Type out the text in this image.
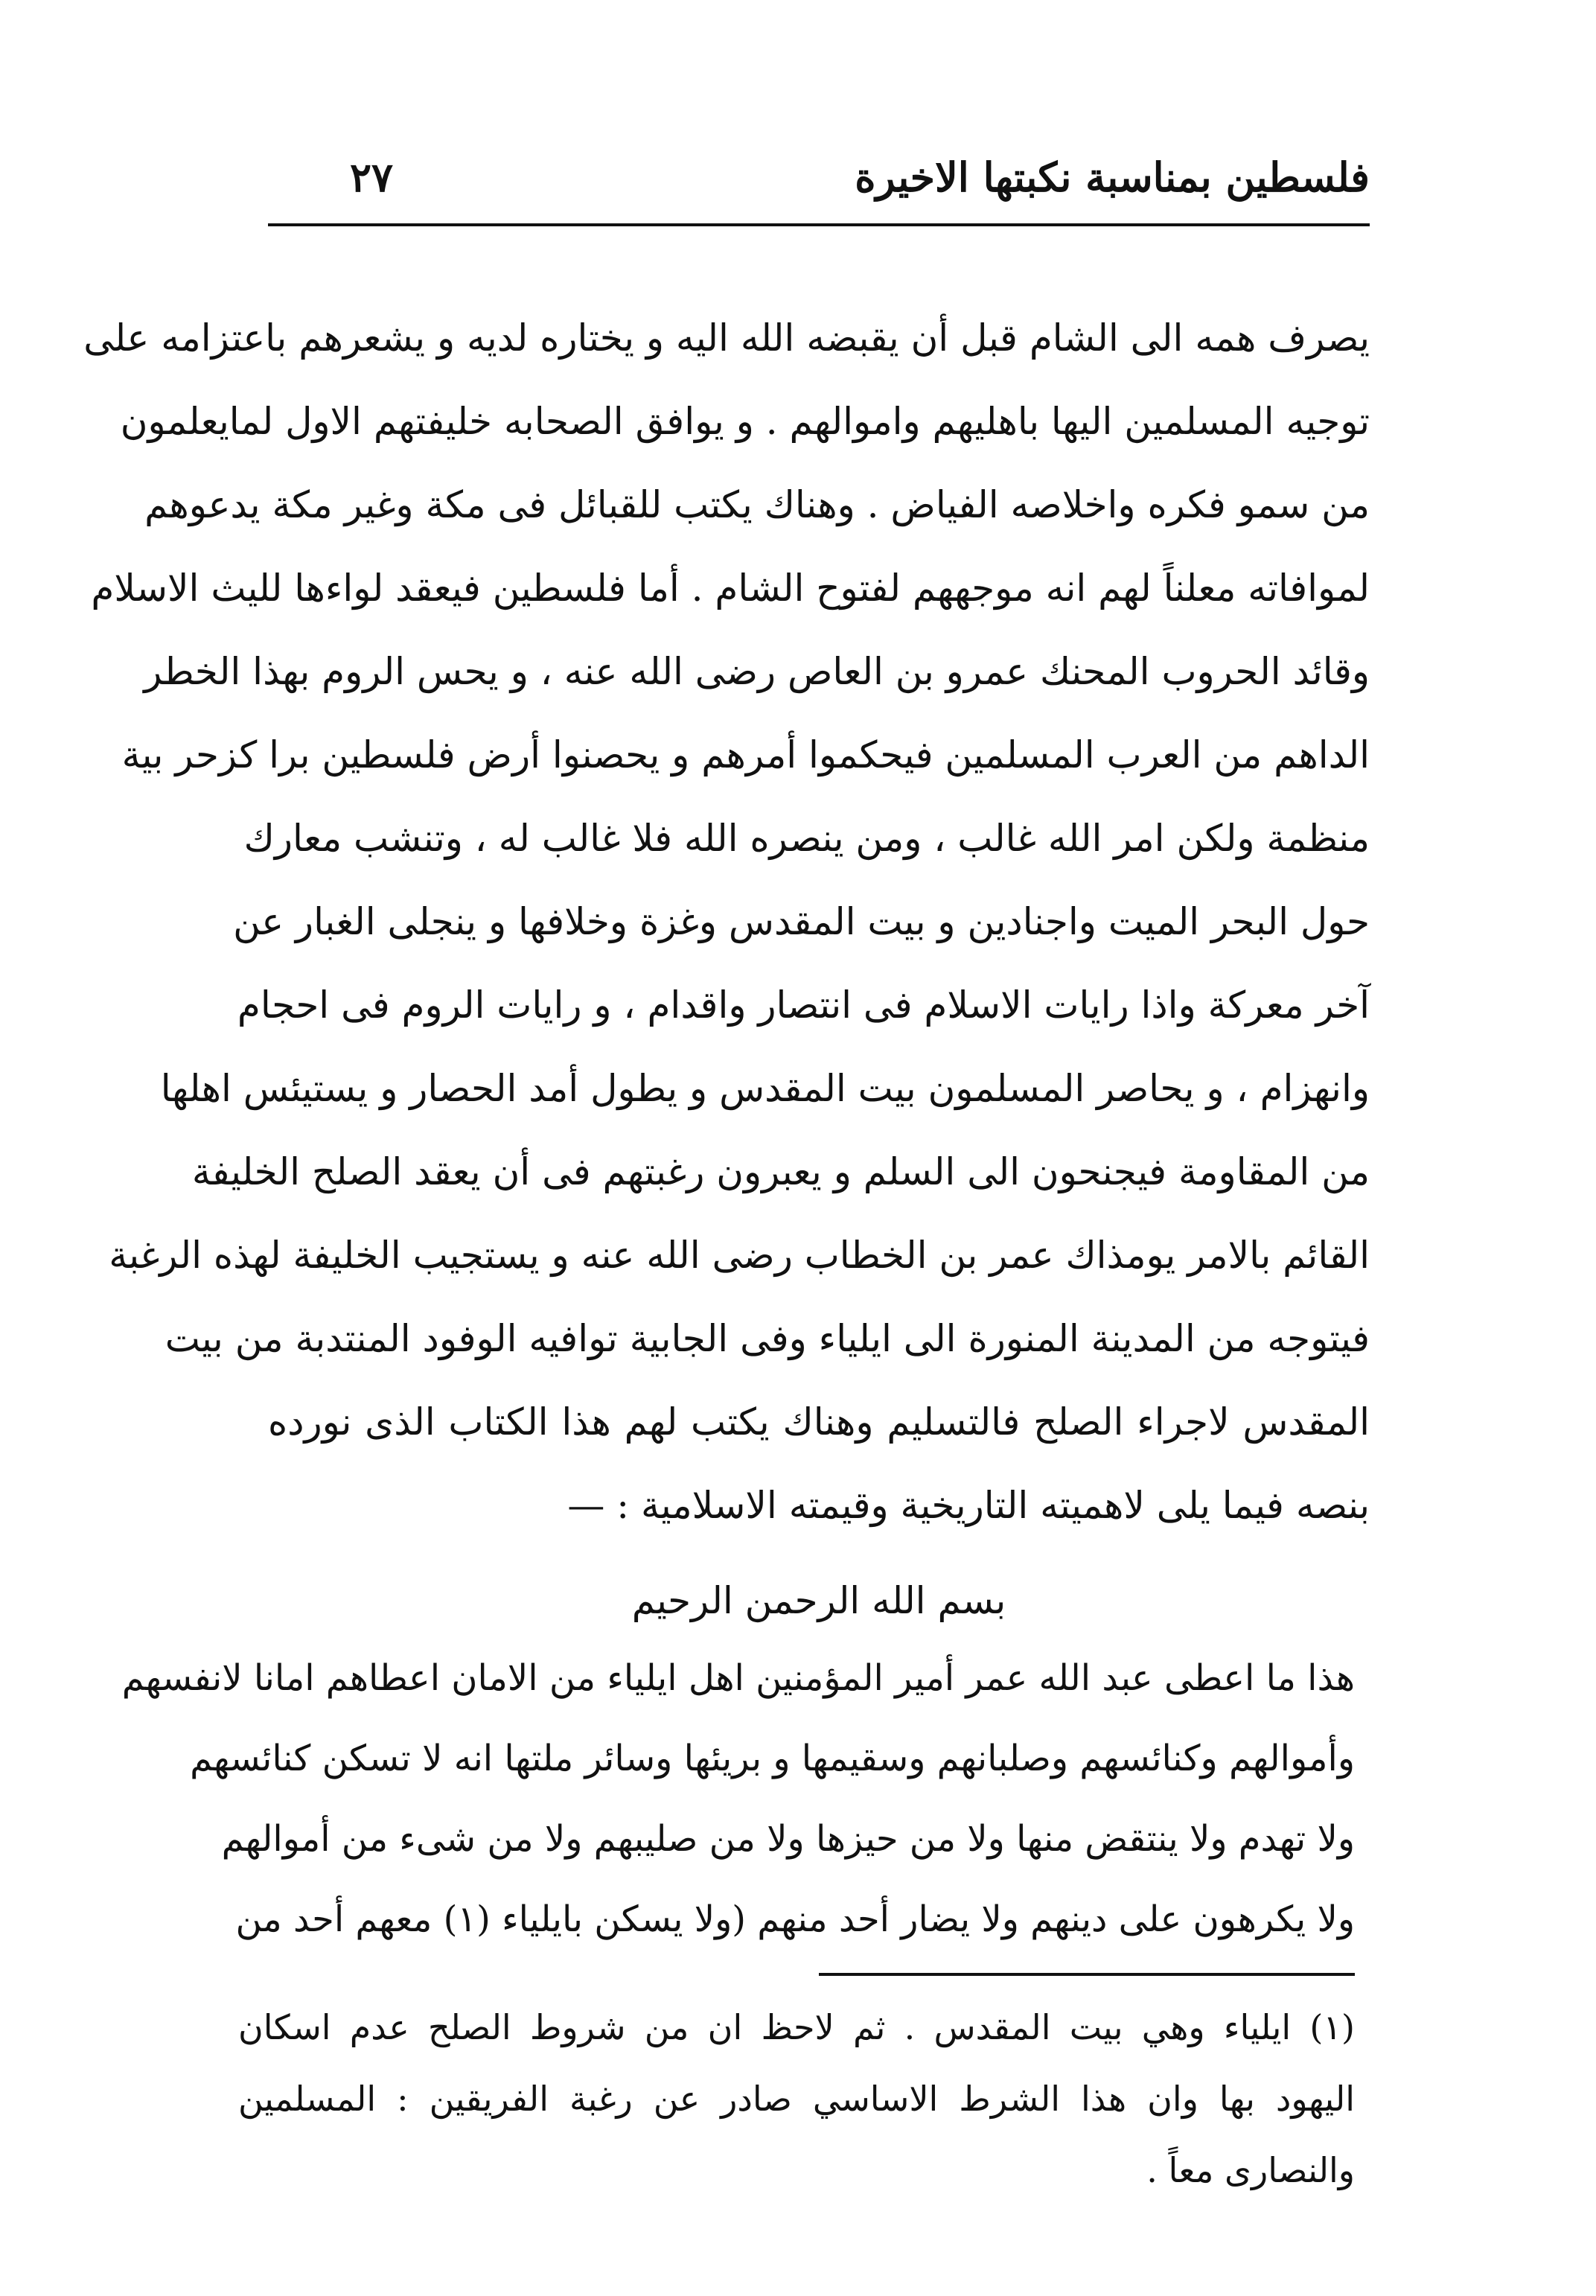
فلسطين بمناسبة نكبتها الاخيرة
٢٧
يصرف همه الى الشام قبل أن يقبضه الله اليه و يختاره لديه و يشعرهم باعتزامه على
توجيه المسلمين اليها باهليهم واموالهم . و يوافق الصحابه خليفتهم الاول لمايعلمون
من سمو فكره واخلاصه الفياض . وهناك يكتب للقبائل فى مكة وغير مكة يدعوهم
لموافاته معلناً لهم انه موجههم لفتوح الشام . أما فلسطين فيعقد لواءها لليث الاسلام
وقائد الحروب المحنك عمرو بن العاص رضى الله عنه ، و يحس الروم بهذا الخطر
الداهم من العرب المسلمين فيحكموا أمرهم و يحصنوا أرض فلسطين برا كزحر بية
منظمة ولكن امر الله غالب ، ومن ينصره الله فلا غالب له ، وتنشب معارك
حول البحر الميت واجنادين و بيت المقدس وغزة وخلافها و ينجلى الغبار عن
آخر معركة واذا رايات الاسلام فى انتصار واقدام ، و رايات الروم فى احجام
وانهزام ، و يحاصر المسلمون بيت المقدس و يطول أمد الحصار و يستيئس اهلها
من المقاومة فيجنحون الى السلم و يعبرون رغبتهم فى أن يعقد الصلح الخليفة
القائم بالامر يومذاك عمر بن الخطاب رضى الله عنه و يستجيب الخليفة لهذه الرغبة
فيتوجه من المدينة المنورة الى ايلياء وفى الجابية توافيه الوفود المنتدبة من بيت
المقدس لاجراء الصلح فالتسليم وهناك يكتب لهم هذا الكتاب الذى نورده
بنصه فيما يلى لاهميته التاريخية وقيمته الاسلامية : —
بسم الله الرحمن الرحيم
هذا ما اعطى عبد الله عمر أمير المؤمنين اهل ايلياء من الامان اعطاهم امانا لانفسهم
وأموالهم وكنائسهم وصلبانهم وسقيمها و بريئها وسائر ملتها انه لا تسكن كنائسهم
ولا تهدم ولا ينتقض منها ولا من حيزها ولا من صليبهم ولا من شىء من أموالهم
ولا يكرهون على دينهم ولا يضار أحد منهم (ولا يسكن بايلياء (١) معهم أحد من
(١) ايلياء وهي بيت المقدس . ثم لاحظ ان من شروط الصلح عدم اسكان
اليهود بها وان هذا الشرط الاساسي صادر عن رغبة الفريقين : المسلمين
والنصارى معاً .
